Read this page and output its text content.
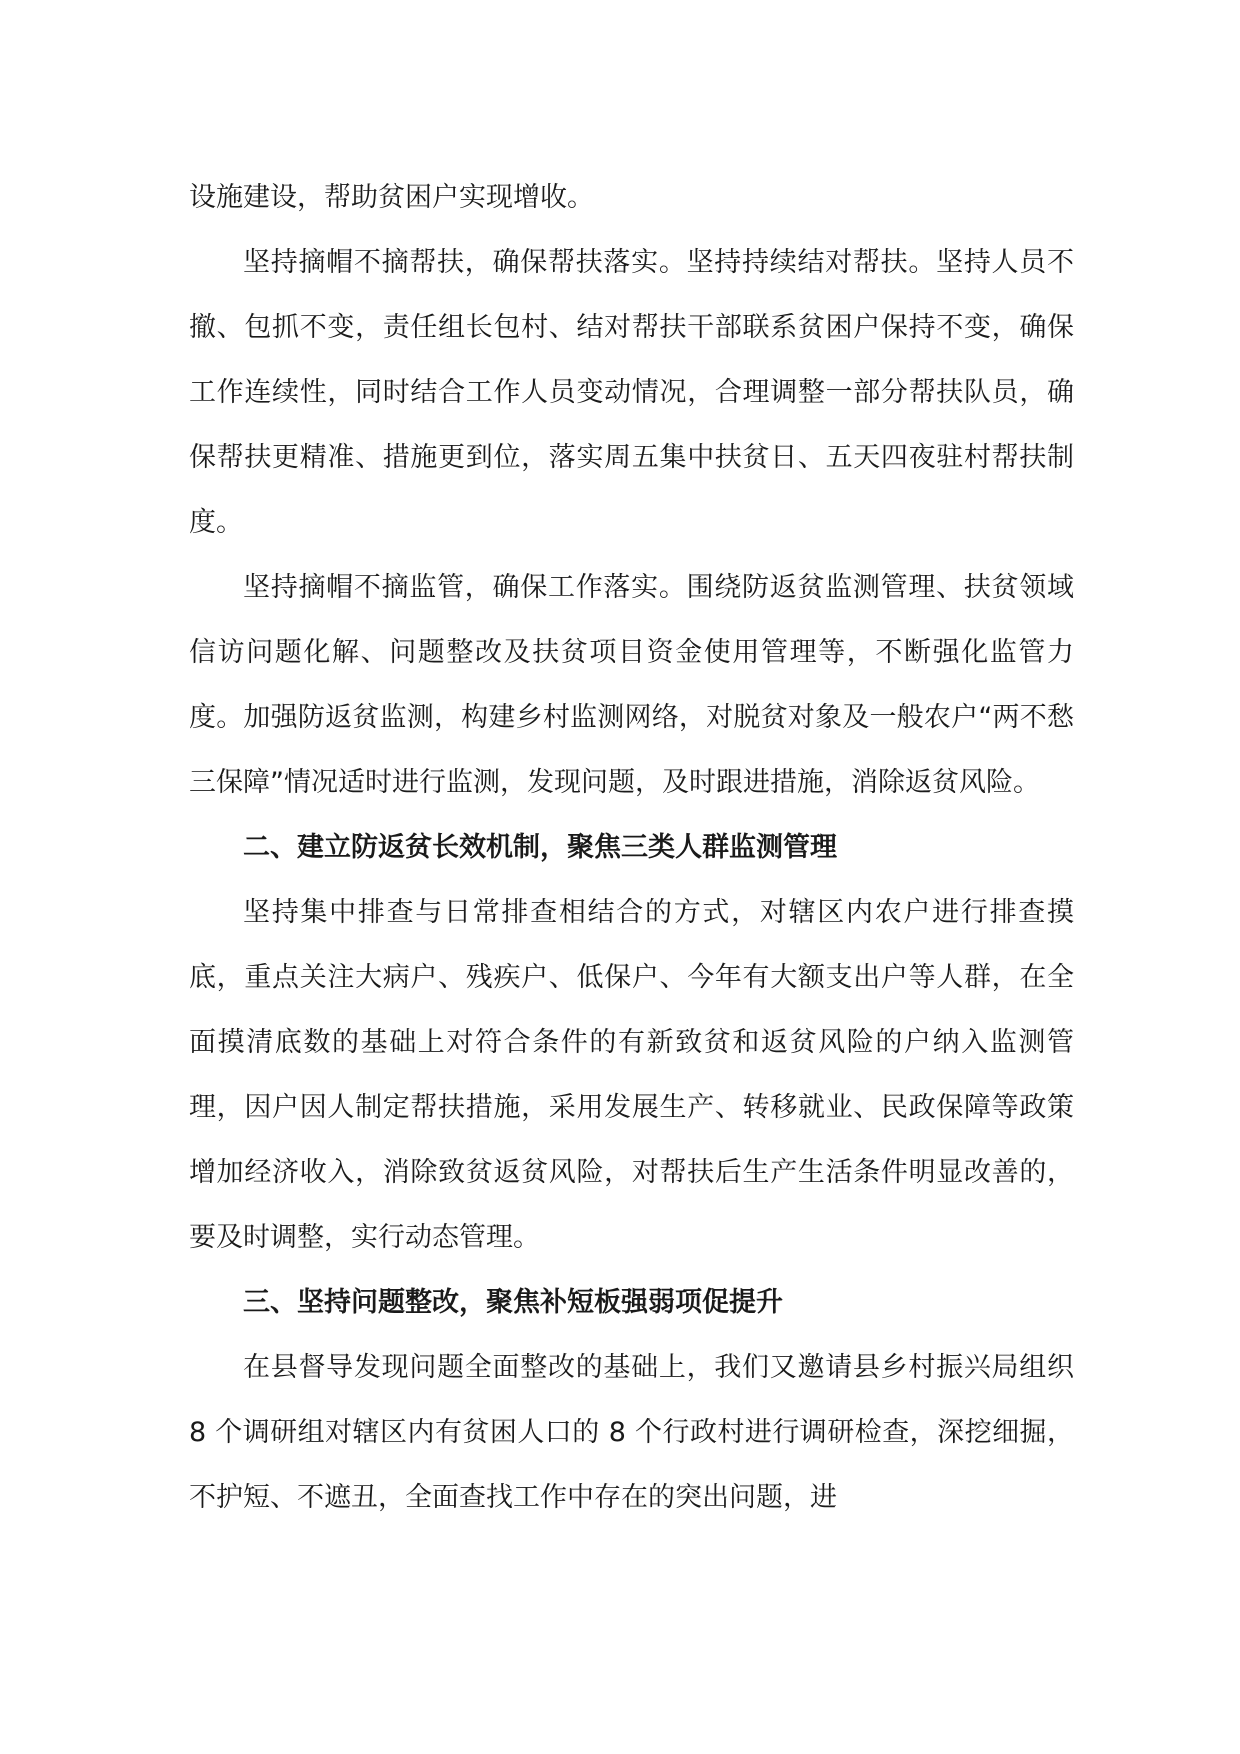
设施建设，帮助贫困户实现增收。

坚持摘帽不摘帮扶，确保帮扶落实。坚持持续结对帮扶。坚持人员不撤、包抓不变，责任组长包村、结对帮扶干部联系贫困户保持不变，确保工作连续性，同时结合工作人员变动情况，合理调整一部分帮扶队员，确保帮扶更精准、措施更到位，落实周五集中扶贫日、五天四夜驻村帮扶制度。

坚持摘帽不摘监管，确保工作落实。围绕防返贫监测管理、扶贫领域信访问题化解、问题整改及扶贫项目资金使用管理等，不断强化监管力度。加强防返贫监测，构建乡村监测网络，对脱贫对象及一般农户“两不愁三保障”情况适时进行监测，发现问题，及时跟进措施，消除返贫风险。

二、建立防返贫长效机制，聚焦三类人群监测管理

坚持集中排查与日常排查相结合的方式，对辖区内农户进行排查摸底，重点关注大病户、残疾户、低保户、今年有大额支出户等人群，在全面摸清底数的基础上对符合条件的有新致贫和返贫风险的户纳入监测管理，因户因人制定帮扶措施，采用发展生产、转移就业、民政保障等政策增加经济收入，消除致贫返贫风险，对帮扶后生产生活条件明显改善的，要及时调整，实行动态管理。

三、坚持问题整改，聚焦补短板强弱项促提升

在县督导发现问题全面整改的基础上，我们又邀请县乡村振兴局组织 8 个调研组对辖区内有贫困人口的 8 个行政村进行调研检查，深挖细掘，不护短、不遮丑，全面查找工作中存在的突出问题，进
